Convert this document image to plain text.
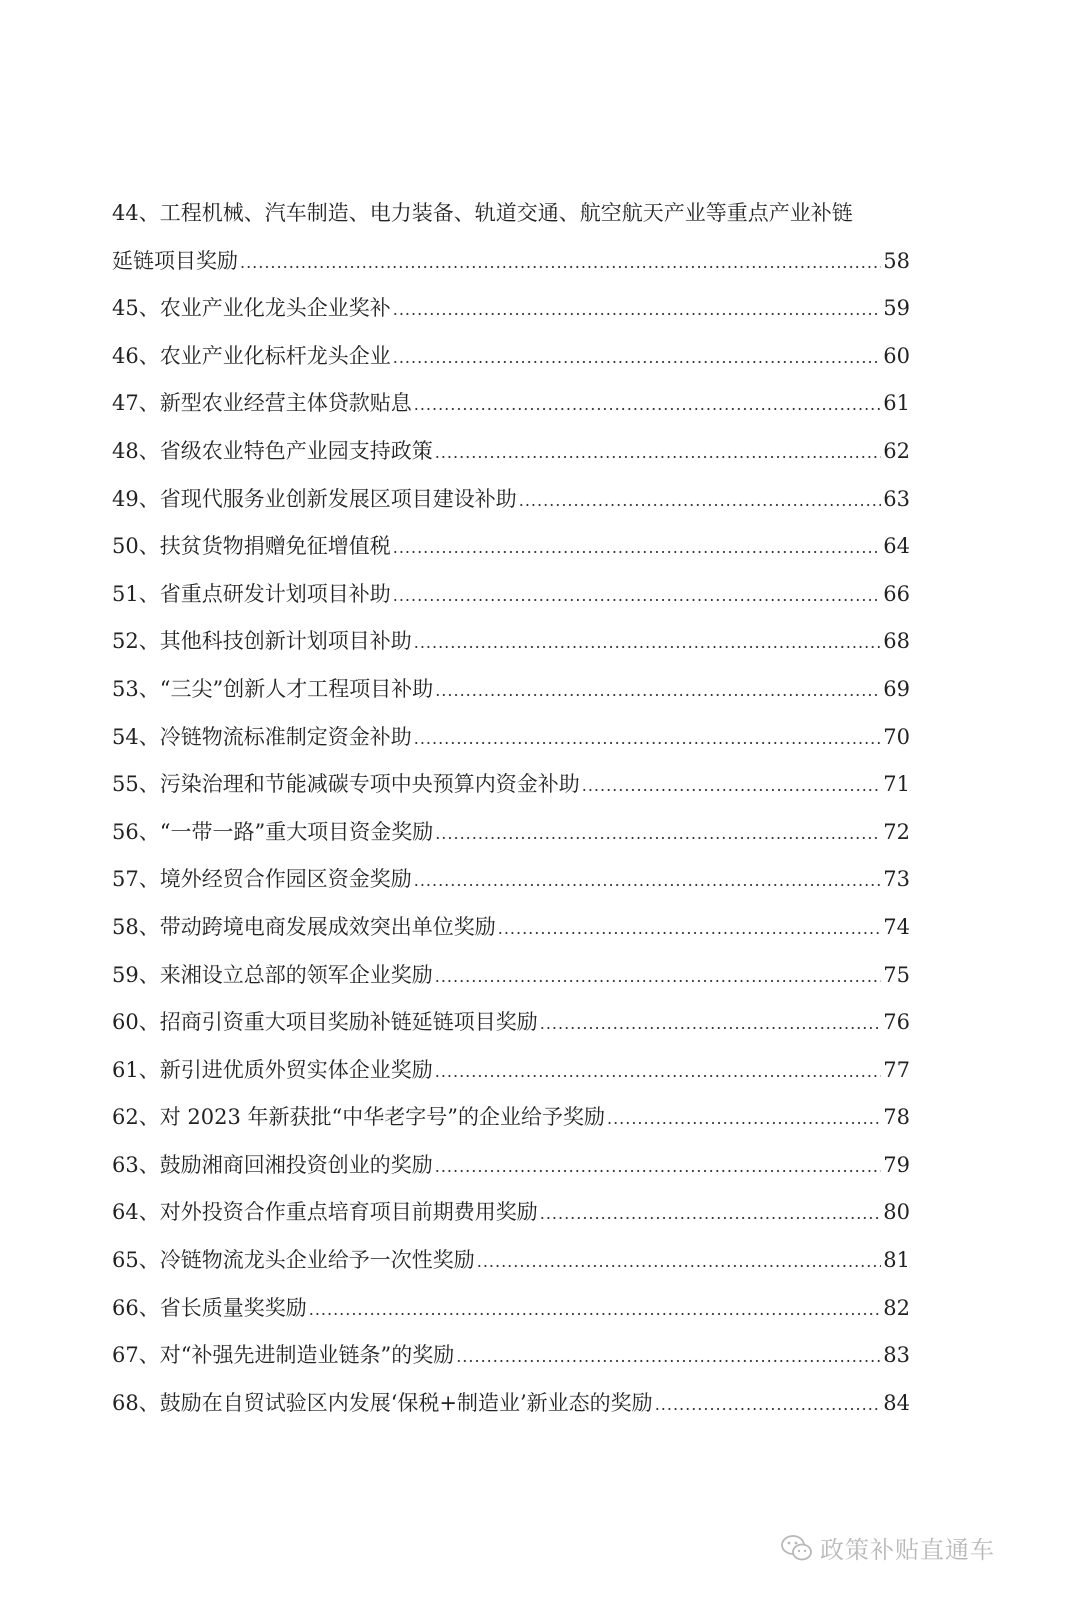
44、 工程机械、汽车制造、电力装备、轨道交通、航空航天产业等重点产业补链
延链项目奖励 .....	58
45、 农业产业化龙头企业奖补 .....	59
46、 农业产业化标杆龙头企业 .....	60
47、 新型农业经营主体贷款贴息 .....	61
48、 省级农业特色产业园支持政策 .....	62
49、 省现代服务业创新发展区项目建设补助 .....	63
50、 扶贫货物捐赠免征增值税 .....	64
51、 省重点研发计划项目补助 .....	66
52、 其他科技创新计划项目补助 .....	68
53、 “三尖”创新人才工程项目补助 .....	69
54、 冷链物流标准制定资金补助 .....	70
55、 污染治理和节能减碳专项中央预算内资金补助 .....	71
56、 “一带一路”重大项目资金奖励 .....	72
57、 境外经贸合作园区资金奖励 .....	73
58、 带动跨境电商发展成效突出单位奖励 .....	74
59、 来湘设立总部的领军企业奖励 .....	75
60、 招商引资重大项目奖励补链延链项目奖励 .....	76
61、 新引进优质外贸实体企业奖励 .....	77
62、 对 2023 年新获批“中华老字号”的企业给予奖励 .....	78
63、 鼓励湘商回湘投资创业的奖励 .....	79
64、 对外投资合作重点培育项目前期费用奖励 .....	80
65、 冷链物流龙头企业给予一次性奖励 .....	81
66、 省长质量奖奖励 .....	82
67、 对“补强先进制造业链条”的奖励 .....	83
68、 鼓励在自贸试验区内发展‘保税+制造业’新业态的奖励 .....	84
政策补贴直通车
